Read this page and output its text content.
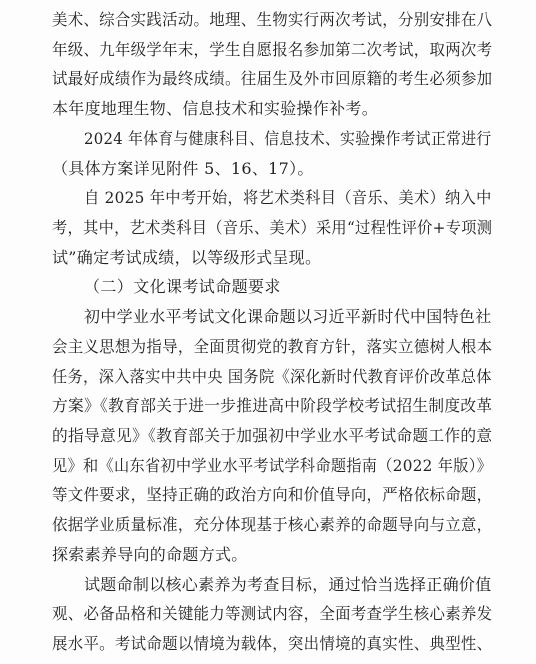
美术、综合实践活动。地理、生物实行两次考试，分别安排在八
年级、九年级学年末，学生自愿报名参加第二次考试，取两次考
试最好成绩作为最终成绩。往届生及外市回原籍的考生必须参加
本年度地理生物、信息技术和实验操作补考。
2024 年体育与健康科目、信息技术、实验操作考试正常进行
（具体方案详见附件 5、16、17）。
自 2025 年中考开始，将艺术类科目（音乐、美术）纳入中
考，其中，艺术类科目（音乐、美术）采用“过程性评价+专项测
试”确定考试成绩，以等级形式呈现。
（二）文化课考试命题要求
初中学业水平考试文化课命题以习近平新时代中国特色社
会主义思想为指导，全面贯彻党的教育方针，落实立德树人根本
任务，深入落实中共中央 国务院《深化新时代教育评价改革总体
方案》《教育部关于进一步推进高中阶段学校考试招生制度改革
的指导意见》《教育部关于加强初中学业水平考试命题工作的意
见》和《山东省初中学业水平考试学科命题指南（2022 年版）》
等文件要求，坚持正确的政治方向和价值导向，严格依标命题，
依据学业质量标准，充分体现基于核心素养的命题导向与立意，
探索素养导向的命题方式。
试题命制以核心素养为考查目标，通过恰当选择正确价值
观、必备品格和关键能力等测试内容，全面考查学生核心素养发
展水平。考试命题以情境为载体，突出情境的真实性、典型性、
